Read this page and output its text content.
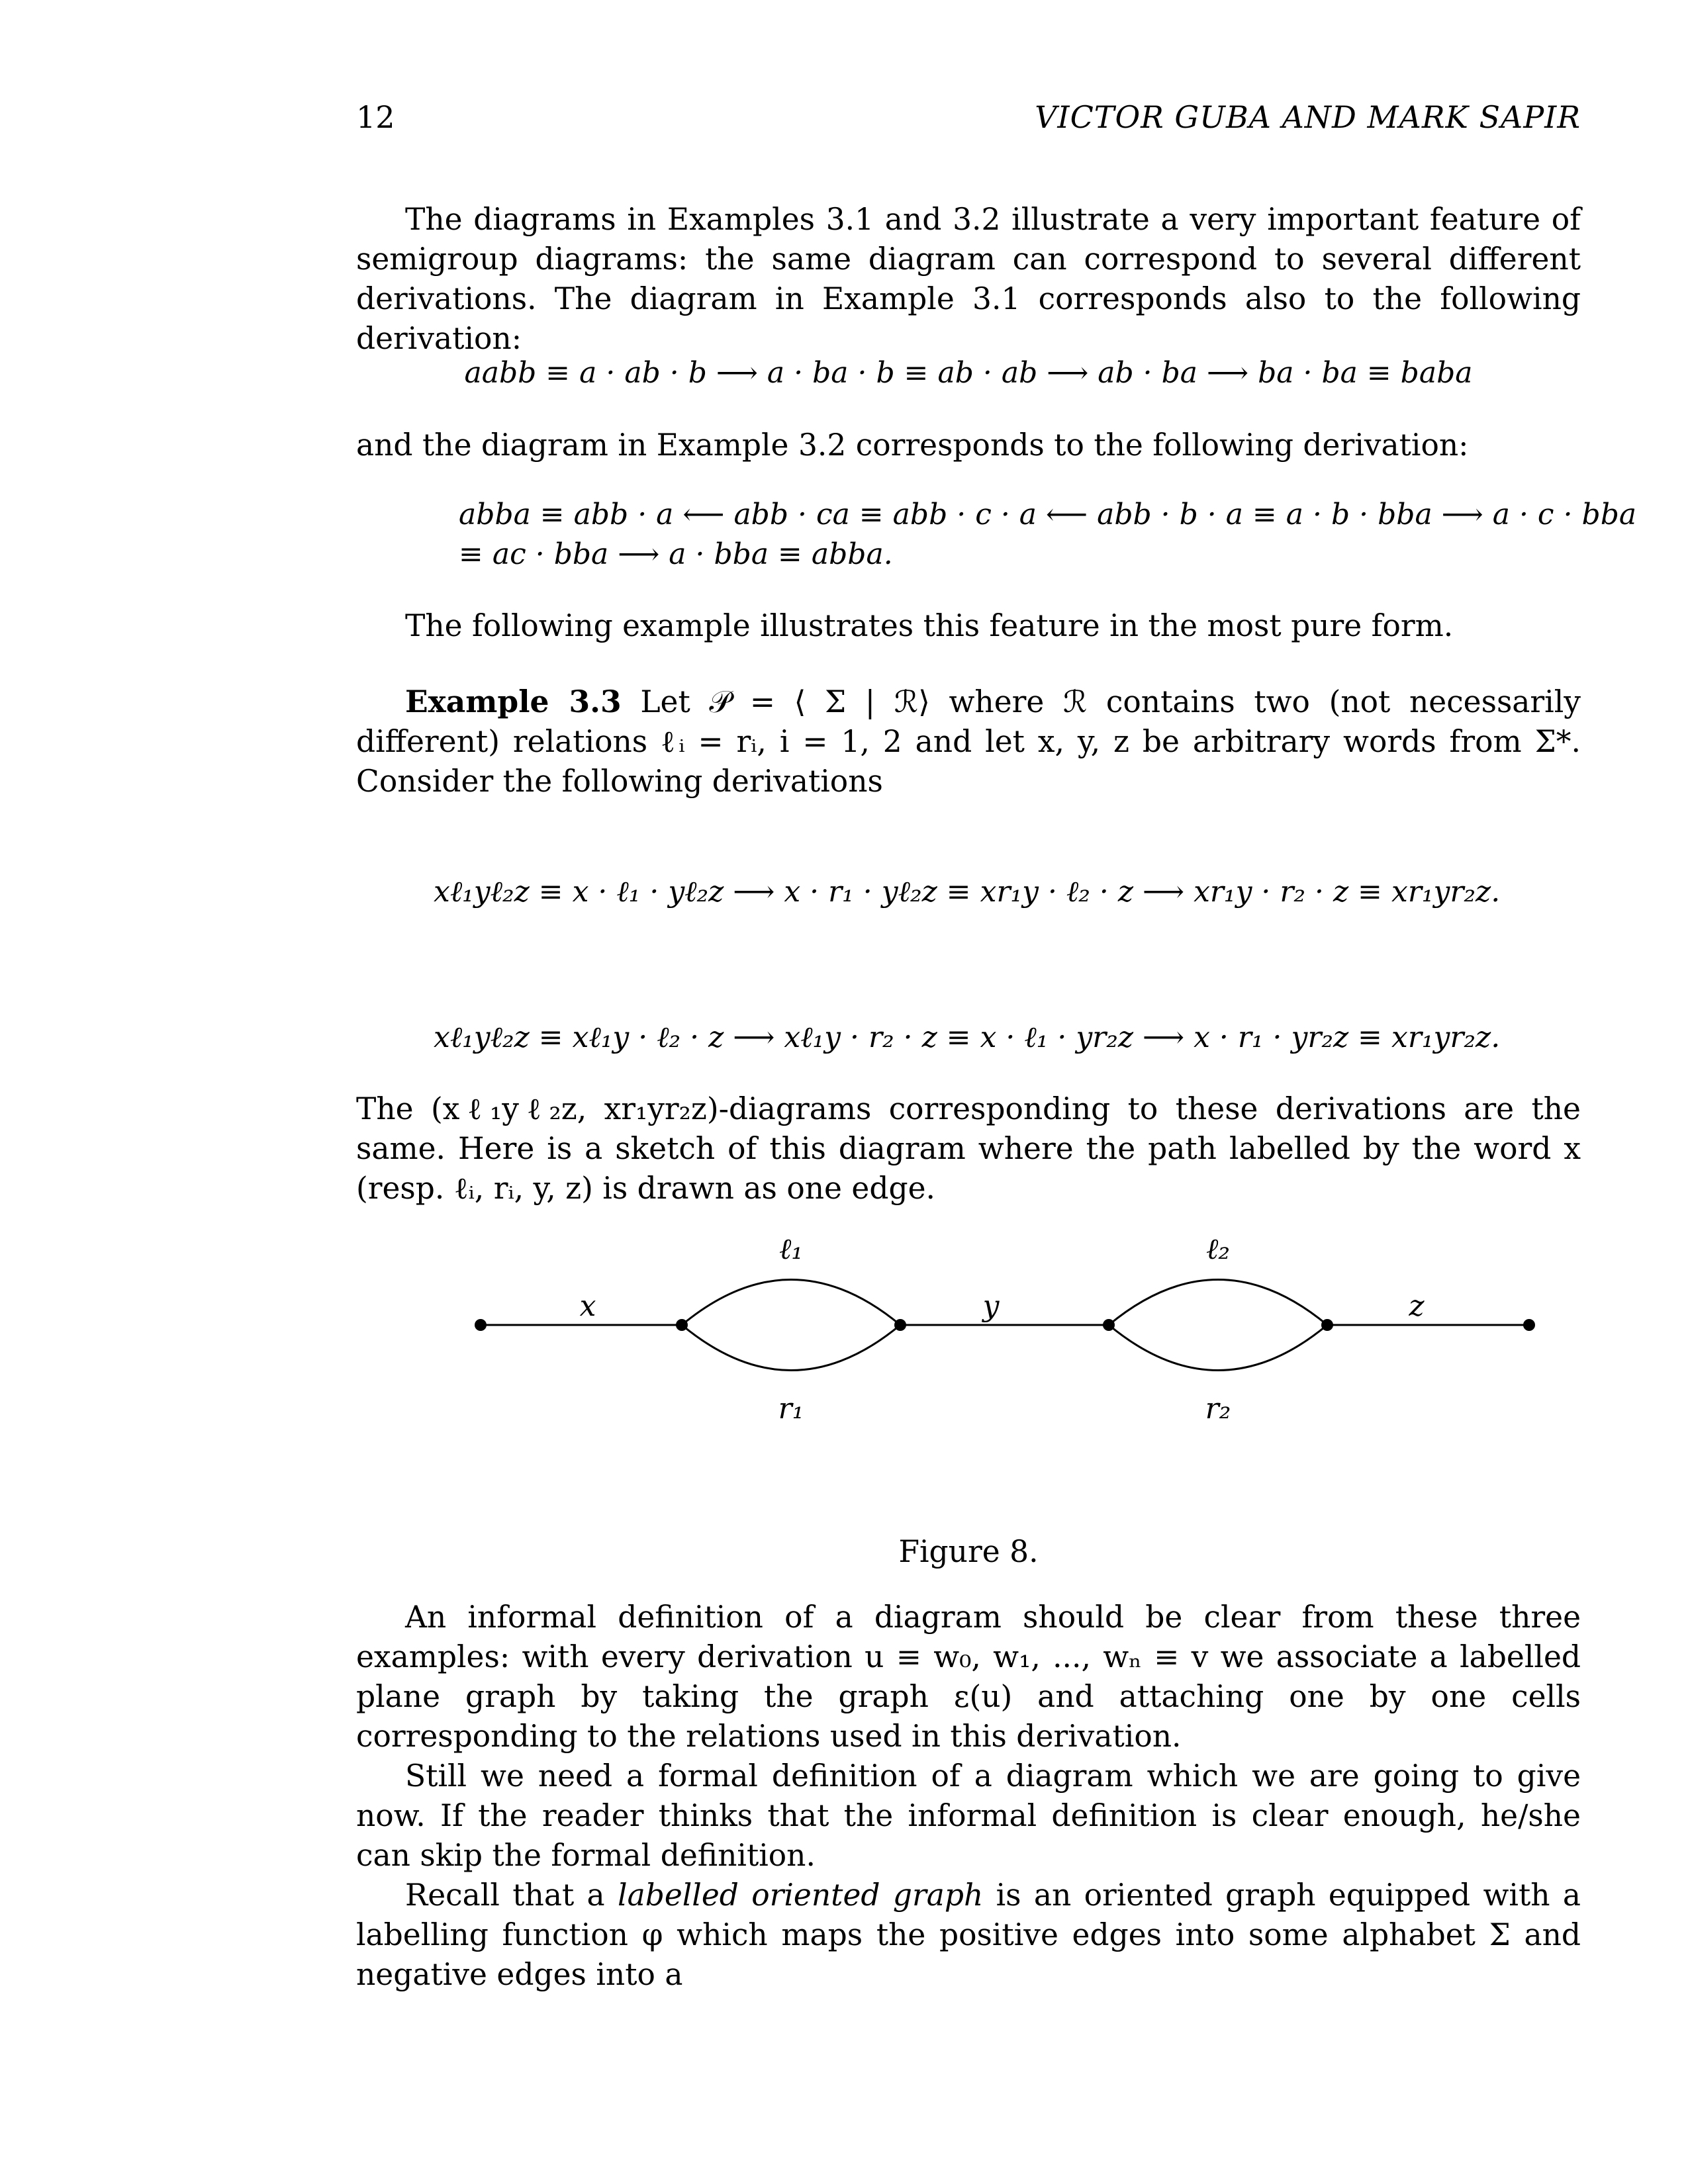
12	VICTOR GUBA AND MARK SAPIR
The diagrams in Examples 3.1 and 3.2 illustrate a very important feature of semigroup diagrams: the same diagram can correspond to several different derivations. The diagram in Example 3.1 corresponds also to the following derivation:
aabb ≡ a · ab · b ⟶ a · ba · b ≡ ab · ab ⟶ ab · ba ⟶ ba · ba ≡ baba
and the diagram in Example 3.2 corresponds to the following derivation:
abba ≡ abb · a ⟵ abb · ca ≡ abb · c · a ⟵ abb · b · a ≡ a · b · bba ⟶ a · c · bba
≡ ac · bba ⟶ a · bba ≡ abba.
The following example illustrates this feature in the most pure form.
Example 3.3 Let 𝒫 = ⟨ Σ | ℛ⟩ where ℛ contains two (not necessarily different) relations ℓᵢ = rᵢ, i = 1, 2 and let x, y, z be arbitrary words from Σ*. Consider the following derivations
xℓ₁yℓ₂z ≡ x · ℓ₁ · yℓ₂z ⟶ x · r₁ · yℓ₂z ≡ xr₁y · ℓ₂ · z ⟶ xr₁y · r₂ · z ≡ xr₁yr₂z.
xℓ₁yℓ₂z ≡ xℓ₁y · ℓ₂ · z ⟶ xℓ₁y · r₂ · z ≡ x · ℓ₁ · yr₂z ⟶ x · r₁ · yr₂z ≡ xr₁yr₂z.
The (xℓ₁yℓ₂z, xr₁yr₂z)-diagrams corresponding to these derivations are the same. Here is a sketch of this diagram where the path labelled by the word x (resp. ℓᵢ, rᵢ, y, z) is drawn as one edge.
x
ℓ₁
r₁
y
ℓ₂
r₂
z
Figure 8.
An informal definition of a diagram should be clear from these three examples: with every derivation u ≡ w₀, w₁, ..., wₙ ≡ v we associate a labelled plane graph by taking the graph ε(u) and attaching one by one cells corresponding to the relations used in this derivation.
Still we need a formal definition of a diagram which we are going to give now. If the reader thinks that the informal definition is clear enough, he/she can skip the formal definition.
Recall that a labelled oriented graph is an oriented graph equipped with a labelling function φ which maps the positive edges into some alphabet Σ and negative edges into a
